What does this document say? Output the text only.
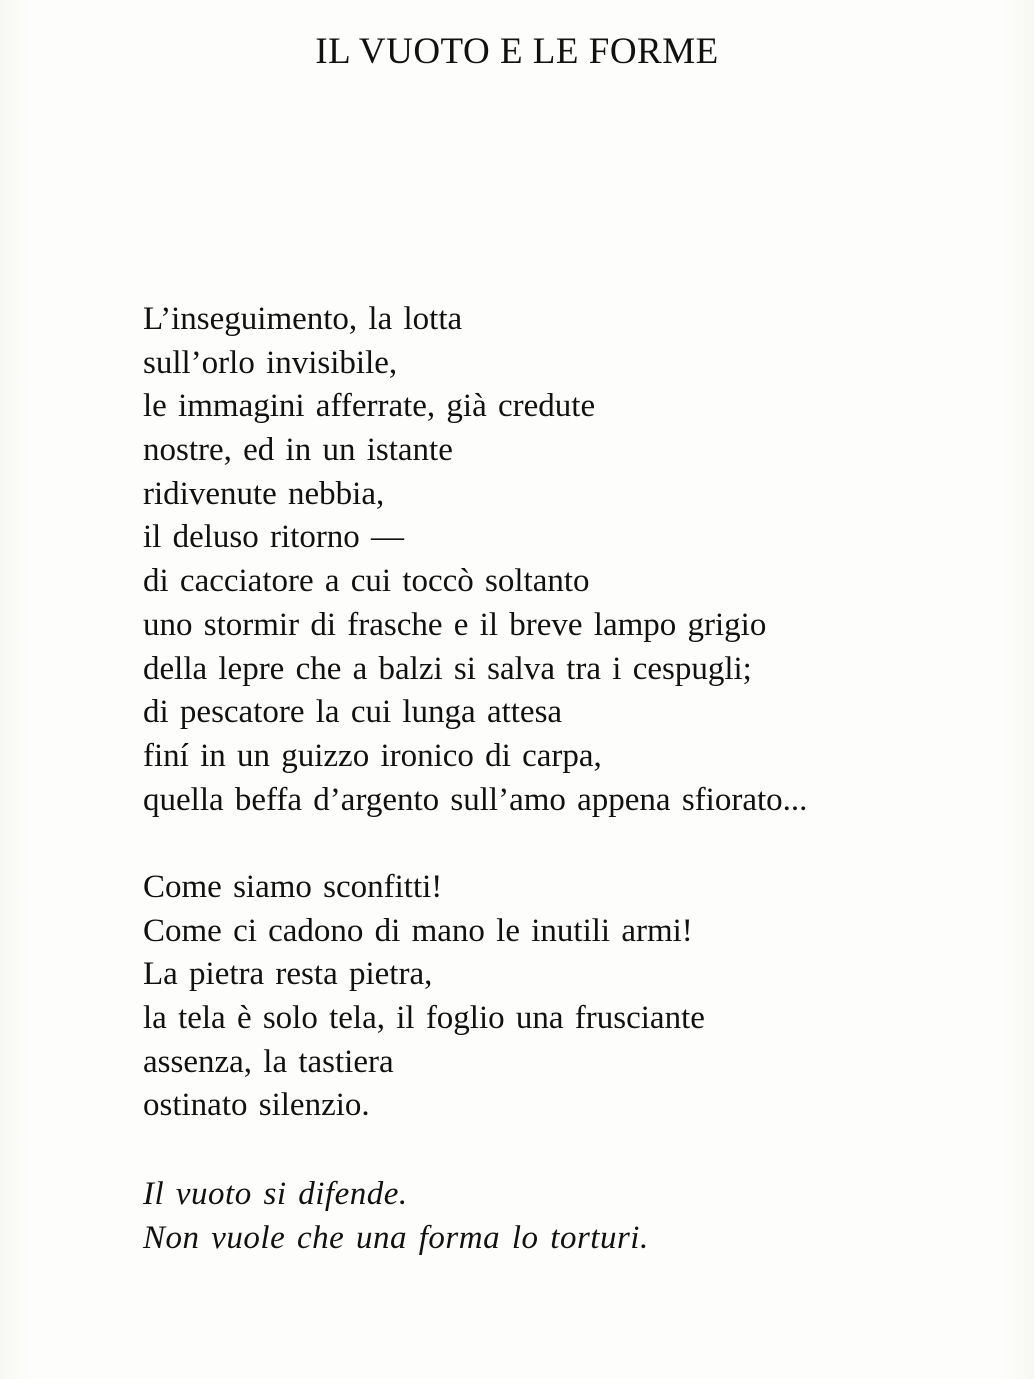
IL VUOTO E LE FORME
L’inseguimento, la lotta
sull’orlo invisibile,
le immagini afferrate, già credute
nostre, ed in un istante
ridivenute nebbia,
il deluso ritorno —
di cacciatore a cui toccò soltanto
uno stormir di frasche e il breve lampo grigio
della lepre che a balzi si salva tra i cespugli;
di pescatore la cui lunga attesa
finí in un guizzo ironico di carpa,
quella beffa d’argento sull’amo appena sfiorato...
Come siamo sconfitti!
Come ci cadono di mano le inutili armi!
La pietra resta pietra,
la tela è solo tela, il foglio una frusciante
assenza, la tastiera
ostinato silenzio.
Il vuoto si difende.
Non vuole che una forma lo torturi.
